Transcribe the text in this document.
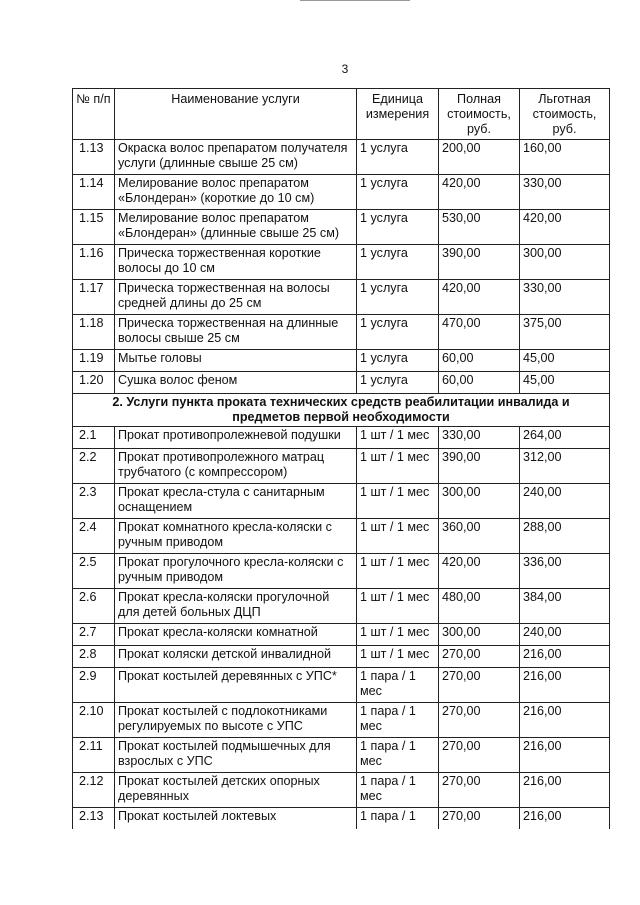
3
№ п/п	Наименование услуги	Единица измерения	Полная стоимость, руб.	Льготная стоимость, руб.
1.13	Окраска волос препаратом получателя услуги (длинные свыше 25 см)	1 услуга	200,00	160,00
1.14	Мелирование волос препаратом «Блондеран» (короткие до 10 см)	1 услуга	420,00	330,00
1.15	Мелирование волос препаратом «Блондеран» (длинные свыше 25 см)	1 услуга	530,00	420,00
1.16	Прическа торжественная короткие волосы до 10 см	1 услуга	390,00	300,00
1.17	Прическа торжественная на волосы средней длины до 25 см	1 услуга	420,00	330,00
1.18	Прическа торжественная на длинные волосы свыше 25 см	1 услуга	470,00	375,00
1.19	Мытье головы	1 услуга	60,00	45,00
1.20	Сушка волос феном	1 услуга	60,00	45,00
2. Услуги пункта проката технических средств реабилитации инвалида и предметов первой необходимости				
2.1	Прокат противопролежневой подушки	1 шт / 1 мес	330,00	264,00
2.2	Прокат противопролежного матрац трубчатого (с компрессором)	1 шт / 1 мес	390,00	312,00
2.3	Прокат кресла-стула с санитарным оснащением	1 шт / 1 мес	300,00	240,00
2.4	Прокат комнатного кресла-коляски с ручным приводом	1 шт / 1 мес	360,00	288,00
2.5	Прокат прогулочного кресла-коляски с ручным приводом	1 шт / 1 мес	420,00	336,00
2.6	Прокат кресла-коляски прогулочной для детей больных ДЦП	1 шт / 1 мес	480,00	384,00
2.7	Прокат кресла-коляски комнатной	1 шт / 1 мес	300,00	240,00
2.8	Прокат коляски детской инвалидной	1 шт / 1 мес	270,00	216,00
2.9	Прокат костылей деревянных с УПС*	1 пара / 1 мес	270,00	216,00
2.10	Прокат костылей с подлокотниками регулируемых по высоте с УПС	1 пара / 1 мес	270,00	216,00
2.11	Прокат костылей подмышечных для взрослых с УПС	1 пара / 1 мес	270,00	216,00
2.12	Прокат костылей детских опорных деревянных	1 пара / 1 мес	270,00	216,00
2.13	Прокат костылей локтевых	1 пара / 1	270,00	216,00
